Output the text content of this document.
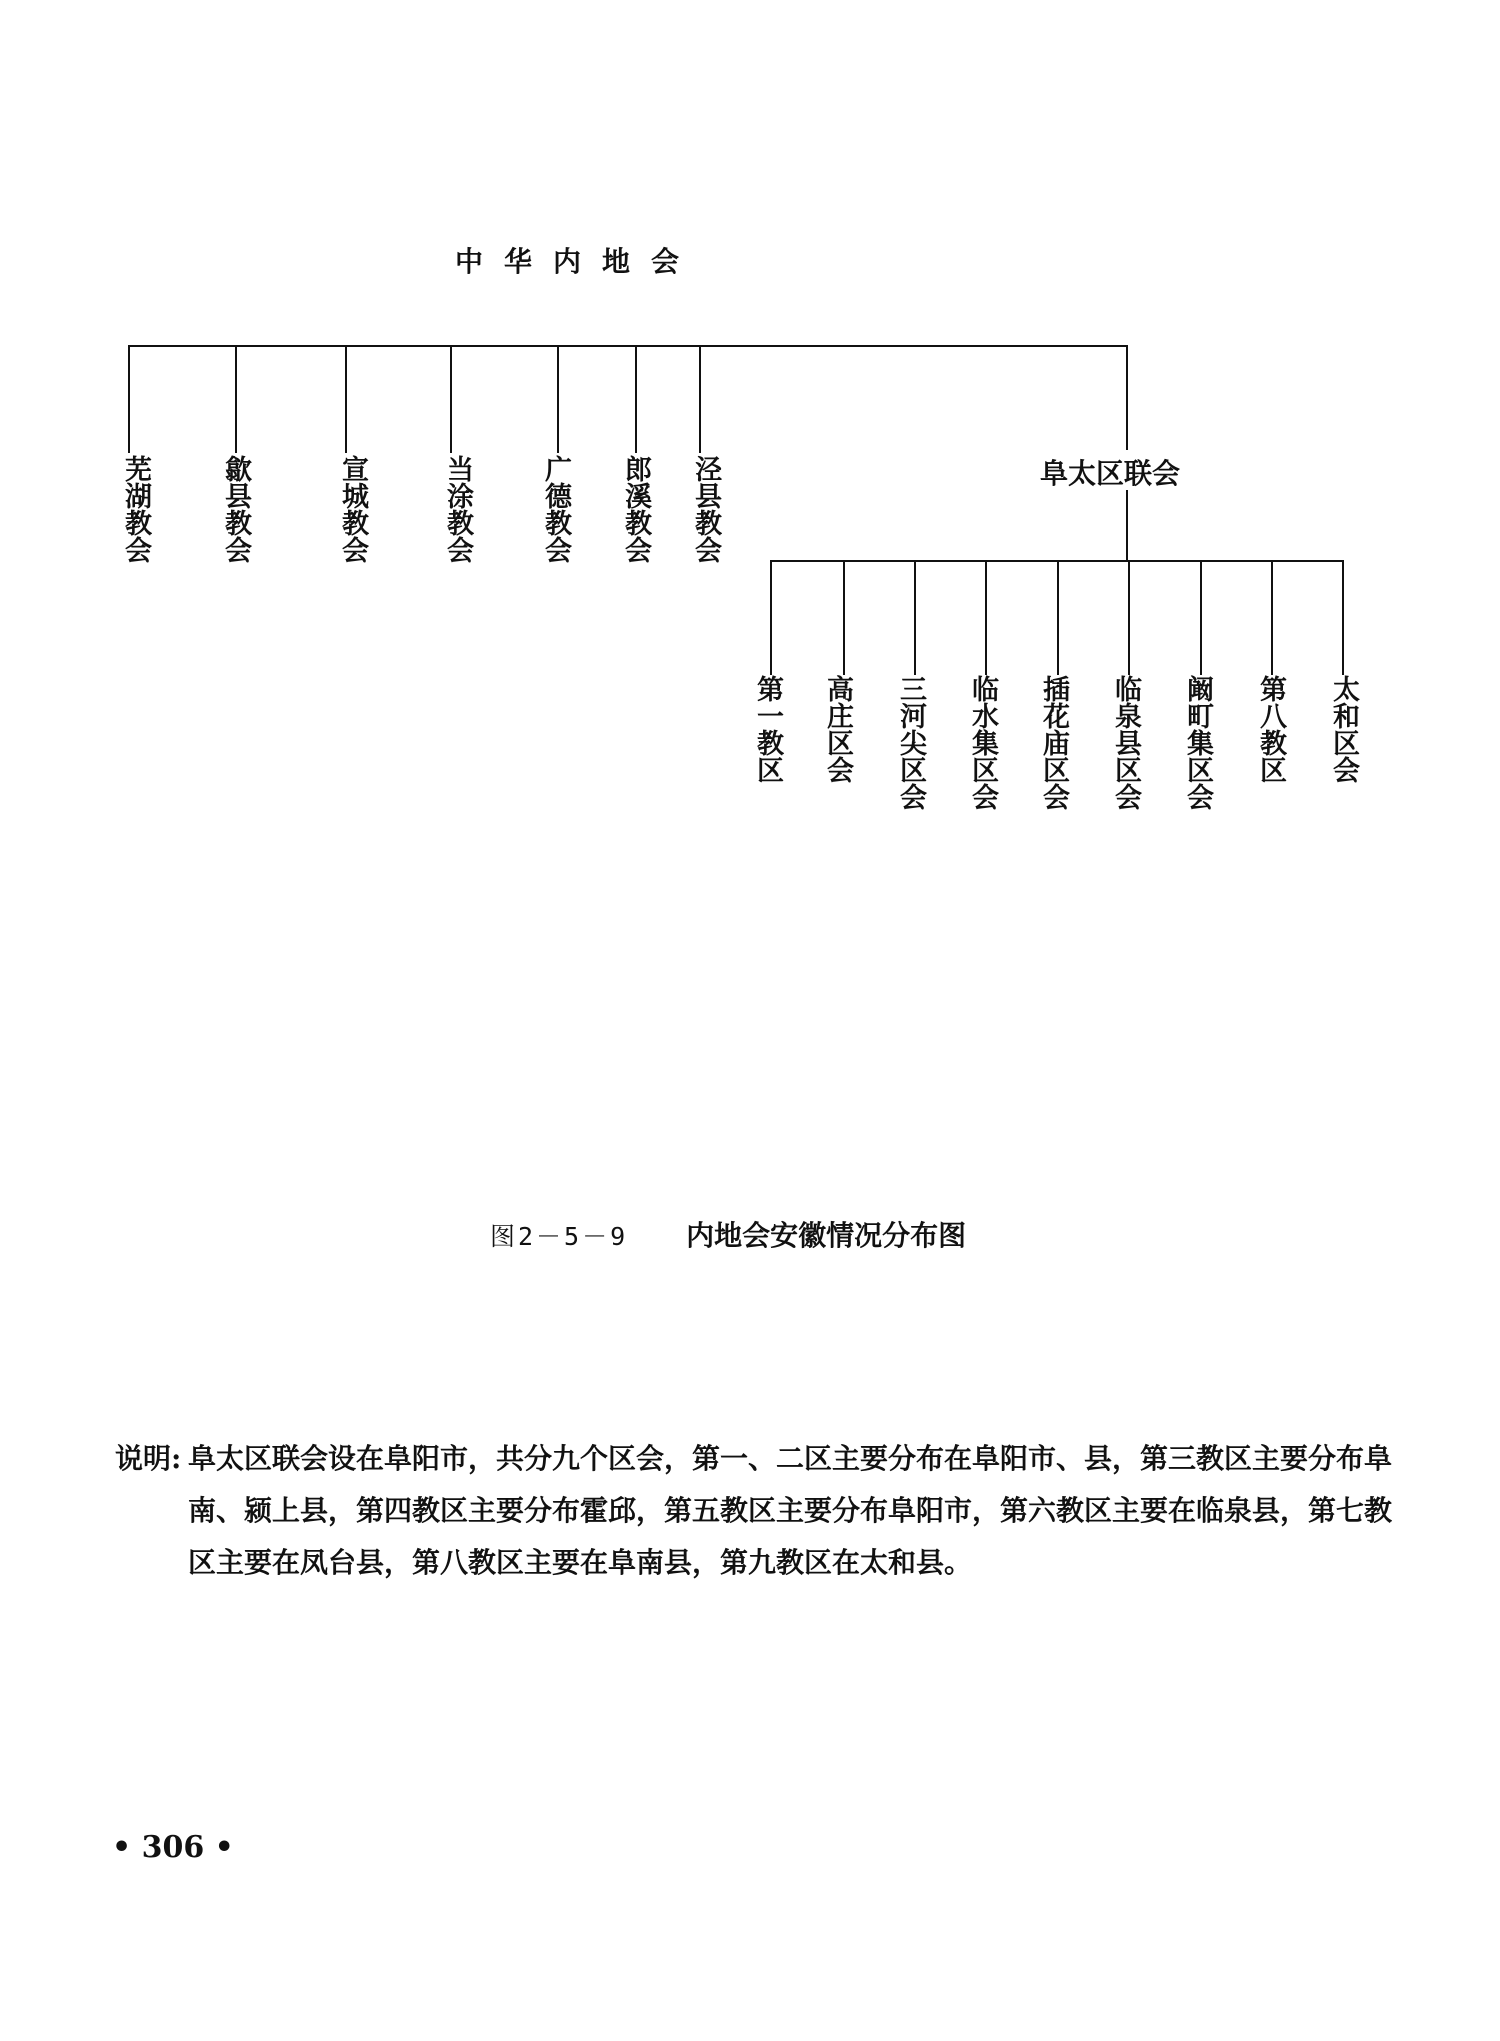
中华内地会
芜湖教会	歙县教会	宣城教会	当涂教会 广德教会 郎溪教会 泾县教会	阜太区联会
第一教区 高庄区会 三河尖区会 临水集区会 插花庙区会 临泉县区会 阚町集区会 第八教区 太和区会
图2－5－9 内地会安徽情况分布图
说明: 阜太区联会设在阜阳市，共分九个区会，第一、二区主要分布在阜阳市、县，第三教区主要分布阜南、颍上县，第四教区主要分布霍邱，第五教区主要分布阜阳市，第六教区主要在临泉县，第七教区主要在凤台县，第八教区主要在阜南县，第九教区在太和县。
• 306 •
